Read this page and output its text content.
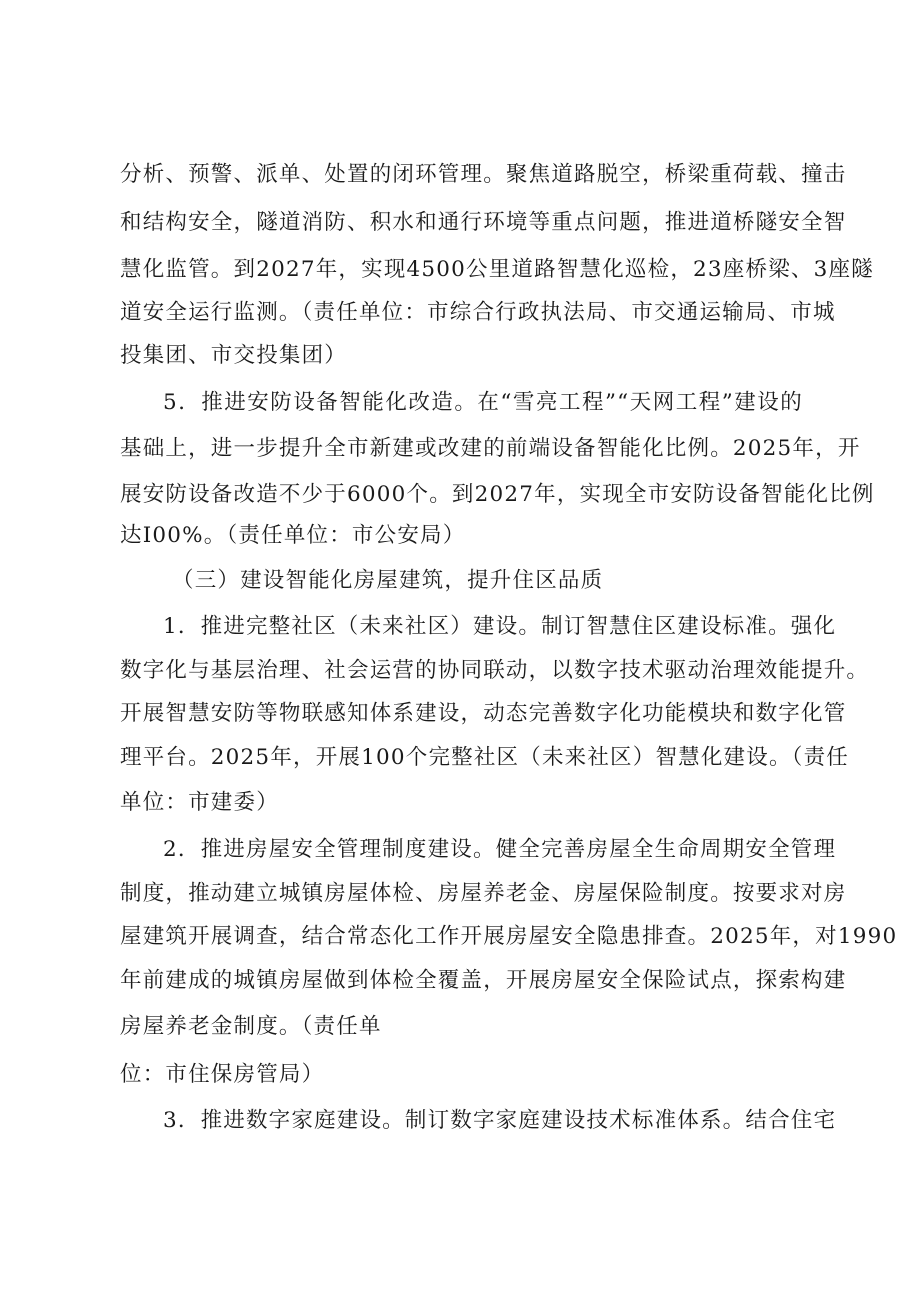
分析、预警、派单、处置的闭环管理。聚焦道路脱空，桥梁重荷载、撞击
和结构安全，隧道消防、积水和通行环境等重点问题，推进道桥隧安全智
慧化监管。到2027年，实现4500公里道路智慧化巡检，23座桥梁、3座隧
道安全运行监测。（责任单位：市综合行政执法局、市交通运输局、市城
投集团、市交投集团）
5．推进安防设备智能化改造。在“雪亮工程”“天网工程”建设的
基础上，进一步提升全市新建或改建的前端设备智能化比例。2025年，开
展安防设备改造不少于6000个。到2027年，实现全市安防设备智能化比例
达I00%。（责任单位：市公安局）
（三）建设智能化房屋建筑，提升住区品质
1．推进完整社区（未来社区）建设。制订智慧住区建设标准。强化
数字化与基层治理、社会运营的协同联动，以数字技术驱动治理效能提升。
开展智慧安防等物联感知体系建设，动态完善数字化功能模块和数字化管
理平台。2025年，开展100个完整社区（未来社区）智慧化建设。（责任
单位：市建委）
2．推进房屋安全管理制度建设。健全完善房屋全生命周期安全管理
制度，推动建立城镇房屋体检、房屋养老金、房屋保险制度。按要求对房
屋建筑开展调查，结合常态化工作开展房屋安全隐患排查。2025年，对1990
年前建成的城镇房屋做到体检全覆盖，开展房屋安全保险试点，探索构建
房屋养老金制度。（责任单
位：市住保房管局）
3．推进数字家庭建设。制订数字家庭建设技术标准体系。结合住宅
